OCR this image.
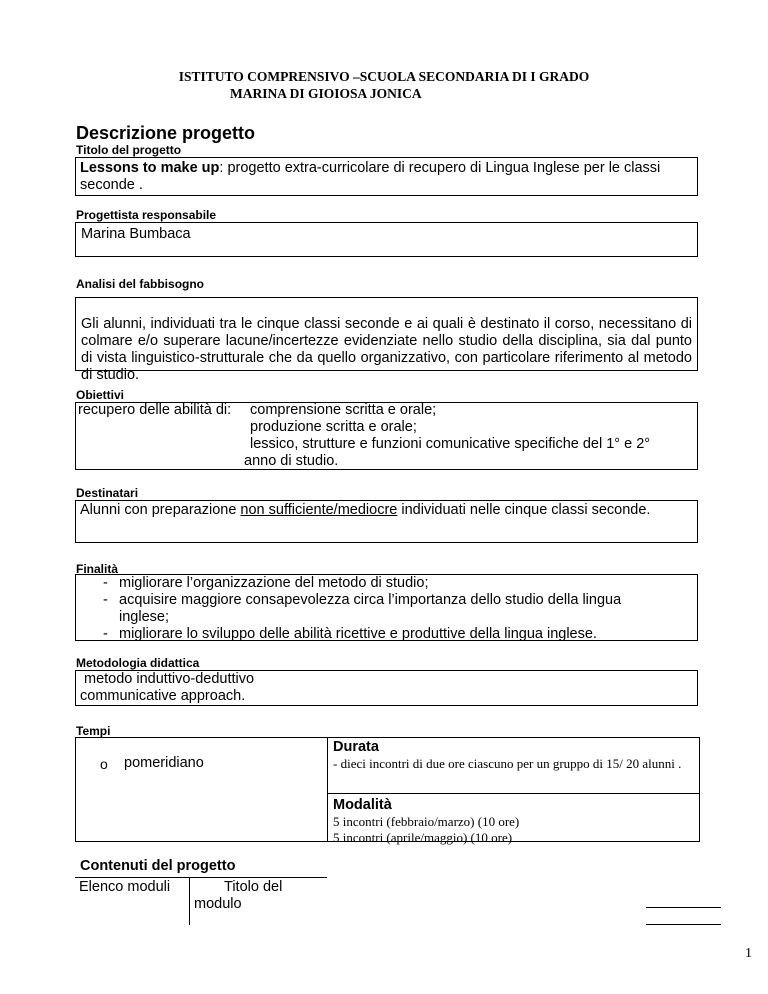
ISTITUTO COMPRENSIVO –SCUOLA SECONDARIA DI I GRADO
MARINA DI GIOIOSA JONICA
Descrizione progetto
Titolo del progetto
Lessons to make up: progetto extra-curricolare di recupero di Lingua Inglese per le classi seconde .
Progettista responsabile
Marina Bumbaca
Analisi del fabbisogno
Gli alunni, individuati tra le cinque classi seconde e ai quali è destinato il corso, necessitano di colmare e/o superare lacune/incertezze evidenziate nello studio della disciplina, sia dal punto di vista linguistico-strutturale che da quello organizzativo, con particolare riferimento al metodo di studio.
Obiettivi
recupero delle abilità di: comprensione scritta e orale;
produzione scritta e orale;
lessico, strutture e funzioni comunicative specifiche del 1° e 2°
anno di studio.
Destinatari
Alunni con preparazione non sufficiente/mediocre individuati nelle cinque classi seconde.
Finalità
- migliorare l’organizzazione del metodo di studio;
- acquisire maggiore consapevolezza circa l’importanza dello studio della lingua inglese;
- migliorare lo sviluppo delle abilità ricettive e produttive della lingua inglese.
Metodologia didattica
metodo induttivo-deduttivo
communicative approach.
Tempi
o pomeridiano
Durata
- dieci incontri di due ore ciascuno per un gruppo di 15/ 20 alunni .
Modalità
5 incontri (febbraio/marzo) (10 ore)
5 incontri (aprile/maggio) (10 ore)
Contenuti del progetto
Elenco moduli	Titolo del modulo
1
